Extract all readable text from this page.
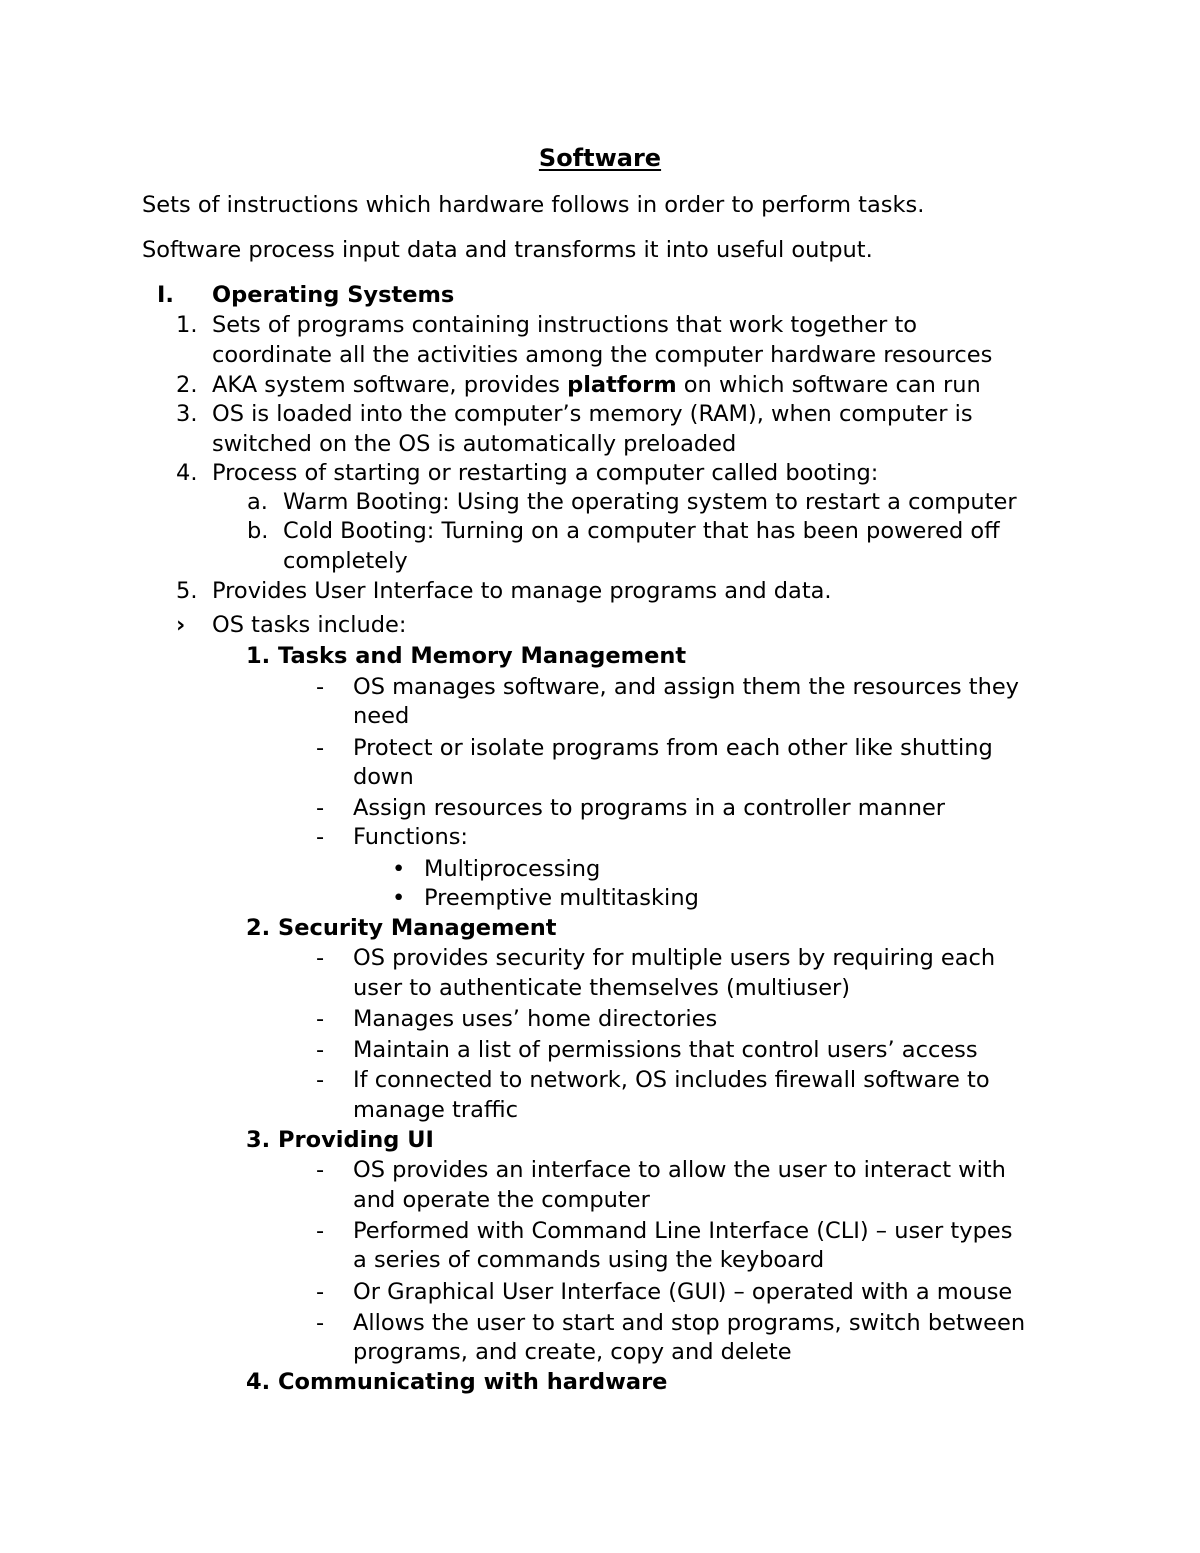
Software

Sets of instructions which hardware follows in order to perform tasks.

Software process input data and transforms it into useful output.

I. Operating Systems

1. Sets of programs containing instructions that work together to

coordinate all the activities among the computer hardware resources

2. AKA system software, provides platform on which software can run

3. OS is loaded into the computer’s memory (RAM), when computer is

switched on the OS is automatically preloaded

4. Process of starting or restarting a computer called booting:

a. Warm Booting: Using the operating system to restart a computer

b. Cold Booting: Turning on a computer that has been powered off

completely

5. Provides User Interface to manage programs and data.

› OS tasks include:

1. Tasks and Memory Management

- OS manages software, and assign them the resources they

need

- Protect or isolate programs from each other like shutting

down

- Assign resources to programs in a controller manner

- Functions:

• Multiprocessing

• Preemptive multitasking

2. Security Management

- OS provides security for multiple users by requiring each

user to authenticate themselves (multiuser)

- Manages uses’ home directories

- Maintain a list of permissions that control users’ access

- If connected to network, OS includes firewall software to

manage traffic

3. Providing UI

- OS provides an interface to allow the user to interact with

and operate the computer

- Performed with Command Line Interface (CLI) – user types

a series of commands using the keyboard

- Or Graphical User Interface (GUI) – operated with a mouse

- Allows the user to start and stop programs, switch between

programs, and create, copy and delete

4. Communicating with hardware
